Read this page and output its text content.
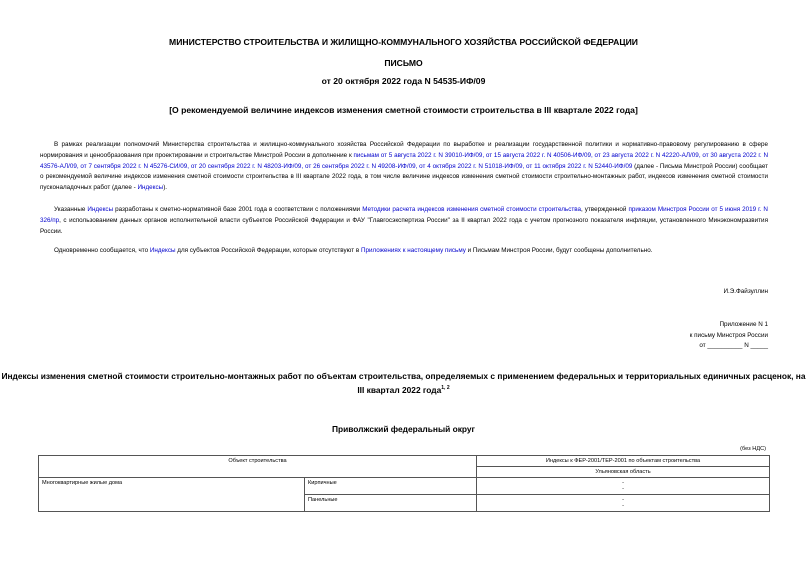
МИНИСТЕРСТВО СТРОИТЕЛЬСТВА И ЖИЛИЩНО-КОММУНАЛЬНОГО ХОЗЯЙСТВА РОССИЙСКОЙ ФЕДЕРАЦИИ
ПИСЬМО
от 20 октября 2022 года N 54535-ИФ/09
[О рекомендуемой величине индексов изменения сметной стоимости строительства в III квартале 2022 года]
В рамках реализации полномочий Министерства строительства и жилищно-коммунального хозяйства Российской Федерации по выработке и реализации государственной политики и нормативно-правовому регулированию в сфере нормирования и ценообразования при проектировании и строительстве Минстрой России в дополнение к письмам от 5 августа 2022 г. N 39010-ИФ/09, от 15 августа 2022 г. N 40506-ИФ/09, от 23 августа 2022 г. N 42220-АЛ/09, от 30 августа 2022 г. N 43576-АЛ/09, от 7 сентября 2022 г. N 45276-СИ/09, от 20 сентября 2022 г. N 48203-ИФ/09, от 26 сентября 2022 г. N 49208-ИФ/09, от 4 октября 2022 г. N 51018-ИФ/09, от 11 октября 2022 г. N 52440-ИФ/09 (далее - Письма Минстрой России) сообщает о рекомендуемой величине индексов изменения сметной стоимости строительства в III квартале 2022 года, в том числе величине индексов изменения сметной стоимости строительно-монтажных работ, индексов изменения сметной стоимости пусконаладочных работ (далее - Индексы).
Указанные Индексы разработаны к сметно-нормативной базе 2001 года в соответствии с положениями Методики расчета индексов изменения сметной стоимости строительства, утвержденной приказом Минстроя России от 5 июня 2019 г. N 326/пр, с использованием данных органов исполнительной власти субъектов Российской Федерации и ФАУ "Главгосэкспертиза России" за II квартал 2022 года с учетом прогнозного показателя инфляции, установленного Минэкономразвития России.
Одновременно сообщается, что Индексы для субъектов Российской Федерации, которые отсутствуют в Приложениях к настоящему письму и Письмам Минстроя России, будут сообщены дополнительно.
И.Э.Файзуллин
Приложение N 1
к письму Минстроя России
от __________ N _____
Индексы изменения сметной стоимости строительно-монтажных работ по объектам строительства, определяемых с применением федеральных и территориальных единичных расценок, на III квартал 2022 года$^{1, 2}$
Приволжский федеральный округ
(без НДС)
Объект строительства		Индексы к ФЕР-2001/ТЕР-2001 по объектам строительства
		Ульяновская область
Многоквартирные жилые дома	Кирпичные	-
-

	Панельные	-
-
